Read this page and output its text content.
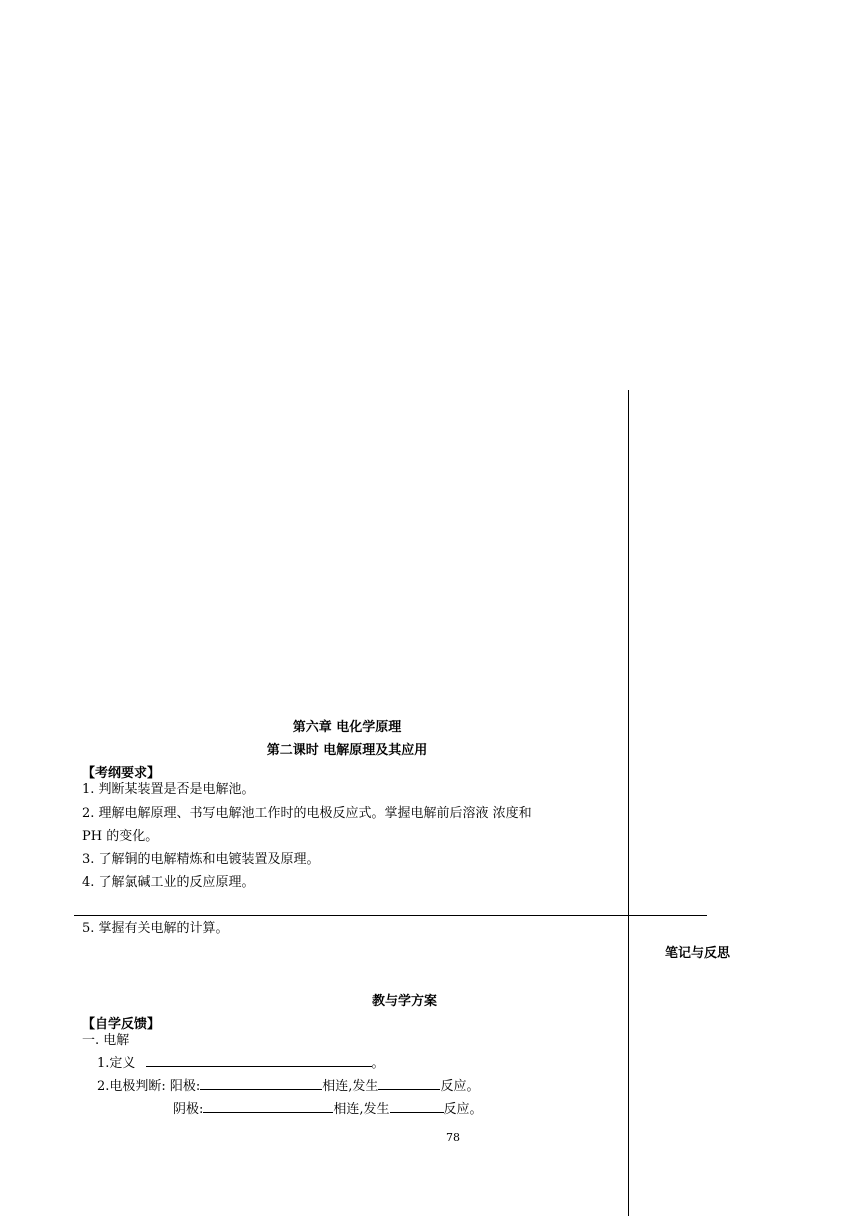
第六章 电化学原理
第二课时 电解原理及其应用
【考纲要求】
1. 判断某装置是否是电解池。
2. 理解电解原理、书写电解池工作时的电极反应式。掌握电解前后溶液 浓度和
PH 的变化。
3. 了解铜的电解精炼和电镀装置及原理。
4. 了解氯碱工业的反应原理。
5. 掌握有关电解的计算。
笔记与反思
教与学方案
【自学反馈】
一. 电解
1.定义	。
2.电极判断: 阳极:	相连,发生	反应。
阴极:	相连,发生	反应。
78
